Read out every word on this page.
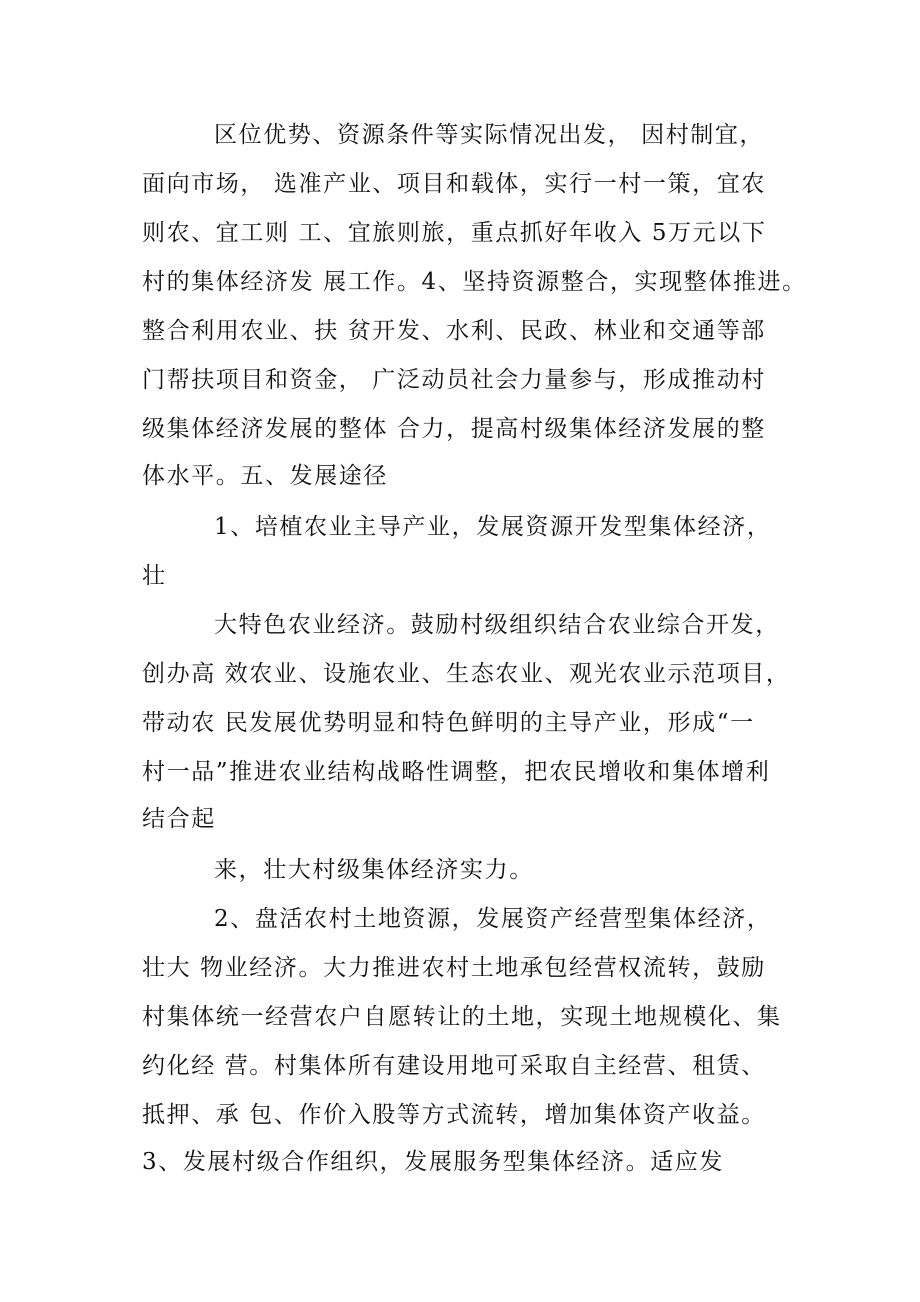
区位优势、资源条件等实际情况出发， 因村制宜，
面向市场， 选准产业、项目和载体，实行一村一策，宜农
则农、宜工则 工、宜旅则旅，重点抓好年收入 5万元以下
村的集体经济发 展工作。4、坚持资源整合，实现整体推进。
整合利用农业、扶 贫开发、水利、民政、林业和交通等部
门帮扶项目和资金， 广泛动员社会力量参与，形成推动村
级集体经济发展的整体 合力，提高村级集体经济发展的整
体水平。五、发展途径
1、培植农业主导产业，发展资源开发型集体经济，
壮
大特色农业经济。鼓励村级组织结合农业综合开发，
创办高 效农业、设施农业、生态农业、观光农业示范项目，
带动农 民发展优势明显和特色鲜明的主导产业，形成“一
村一品”推进农业结构战略性调整，把农民增收和集体增利
结合起
来，壮大村级集体经济实力。
2、盘活农村土地资源，发展资产经营型集体经济，
壮大 物业经济。大力推进农村土地承包经营权流转，鼓励
村集体统一经营农户自愿转让的土地，实现土地规模化、集
约化经 营。村集体所有建设用地可采取自主经营、租赁、
抵押、承 包、作价入股等方式流转，增加集体资产收益。
3、发展村级合作组织，发展服务型集体经济。适应发
